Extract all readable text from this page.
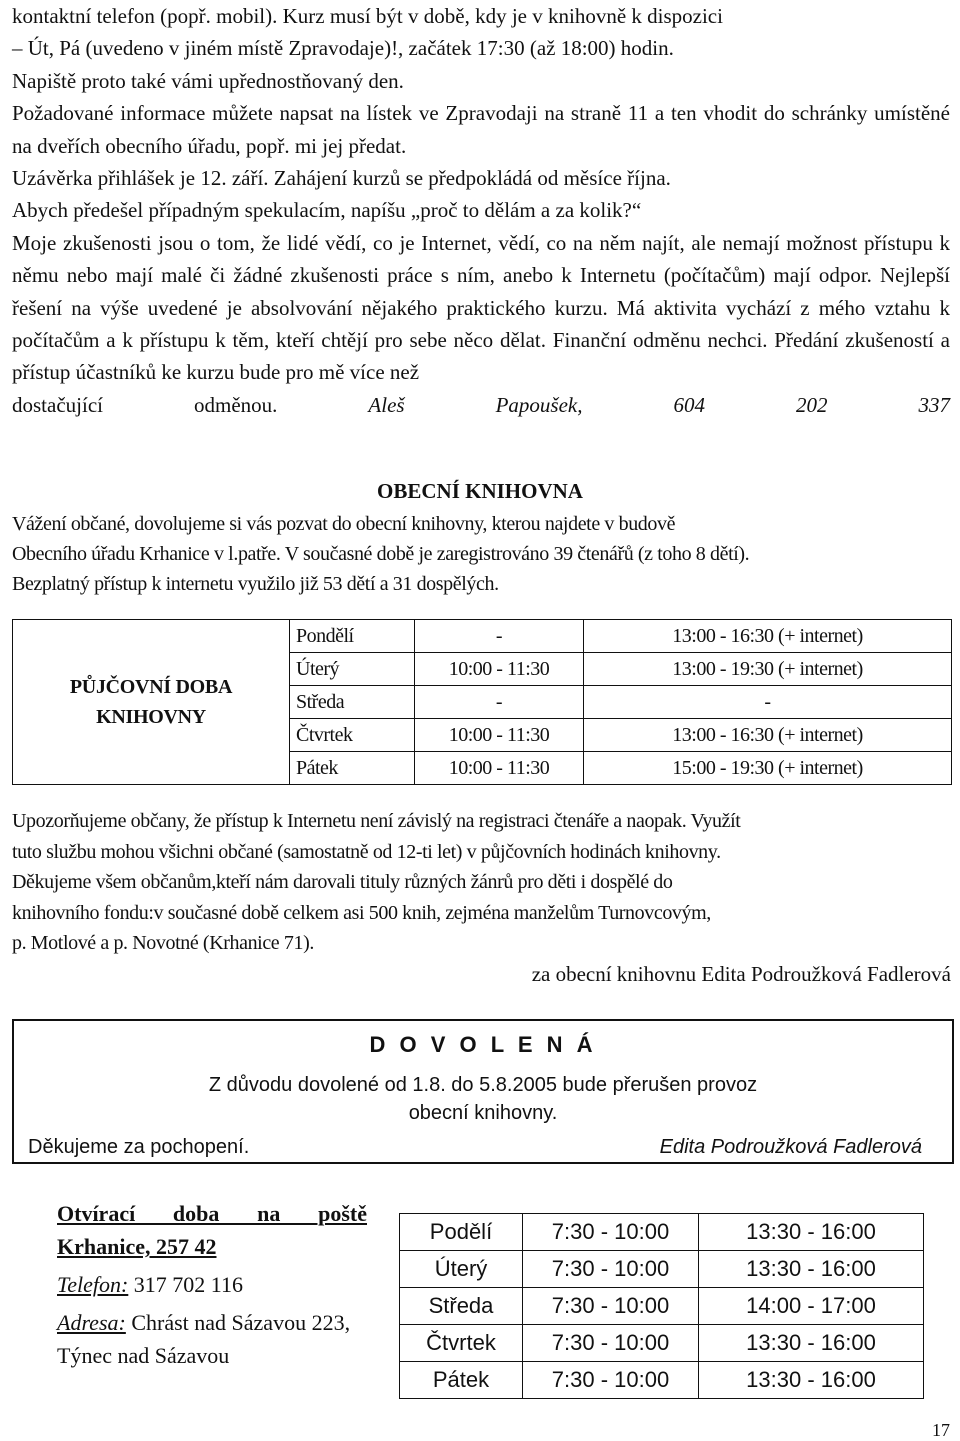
kontaktní telefon (popř. mobil). Kurz musí být v době, kdy je v knihovně k dispozici

– Út, Pá (uvedeno v jiném místě Zpravodaje)!, začátek 17:30 (až 18:00) hodin.

Napiště proto také vámi upřednostňovaný den.

Požadované informace můžete napsat na lístek ve Zpravodaji na straně 11 a ten vhodit do schránky umístěné na dveřích obecního úřadu, popř. mi jej předat.

Uzávěrka přihlášek je 12. září. Zahájení kurzů se předpokládá od měsíce října.

Abych předešel případným spekulacím, napíšu „proč to dělám a za kolik?“

Moje zkušenosti jsou o tom, že lidé vědí, co je Internet, vědí, co na něm najít, ale nemají možnost přístupu k němu nebo mají malé či žádné zkušenosti práce s ním, anebo k Internetu (počítačům) mají odpor. Nejlepší řešení na výše uvedené je absolvování nějakého praktického kurzu. Má aktivita vychází z mého vztahu k počítačům a k přístupu k těm, kteří chtějí pro sebe něco dělat. Finanční odměnu nechci. Předání zkušeností a přístup účastníků ke kurzu bude pro mě více než

dostačující odměnou.	Aleš Papoušek, 604 202 337

OBECNÍ KNIHOVNA

Vážení občané, dovolujeme si vás pozvat do obecní knihovny, kterou najdete v budově

Obecního úřadu Krhanice v l.patře. V současné době je zaregistrováno 39 čtenářů (z toho 8 dětí).

Bezplatný přístup k internetu využilo již 53 dětí a 31 dospělých.

PŮJČOVNÍ DOBA
KNIHOVNY	Pondělí	-	13:00 - 16:30 (+ internet)
	Úterý	10:00 - 11:30	13:00 - 19:30 (+ internet)
	Středa	-	-
	Čtvrtek	10:00 - 11:30	13:00 - 16:30 (+ internet)
	Pátek	10:00 - 11:30	15:00 - 19:30 (+ internet)

Upozorňujeme občany, že přístup k Internetu není závislý na registraci čtenáře a naopak. Využít

tuto službu mohou všichni občané (samostatně od 12-ti let) v půjčovních hodinách knihovny.

Děkujeme všem občanům,kteří nám darovali tituly různých žánrů pro děti i dospělé do

knihovního fondu:v současné době celkem asi 500 knih, zejména manželům Turnovcovým,

p. Motlové a p. Novotné (Krhanice 71).

za obecní knihovnu Edita Podroužková Fadlerová
D O V O L E N Á
Z důvodu dovolené od 1.8. do 5.8.2005 bude přerušen provoz
obecní knihovny.
Děkujeme za pochopení.	Edita Podroužková Fadlerová

Otvírací doba na poště

Krhanice, 257 42

Telefon: 317 702 116

Adresa: Chrást nad Sázavou 223, Týnec nad Sázavou

Podělí	7:30 - 10:00	13:30 - 16:00
Úterý	7:30 - 10:00	13:30 - 16:00
Středa	7:30 - 10:00	14:00 - 17:00
Čtvrtek	7:30 - 10:00	13:30 - 16:00
Pátek	7:30 - 10:00	13:30 - 16:00
17
